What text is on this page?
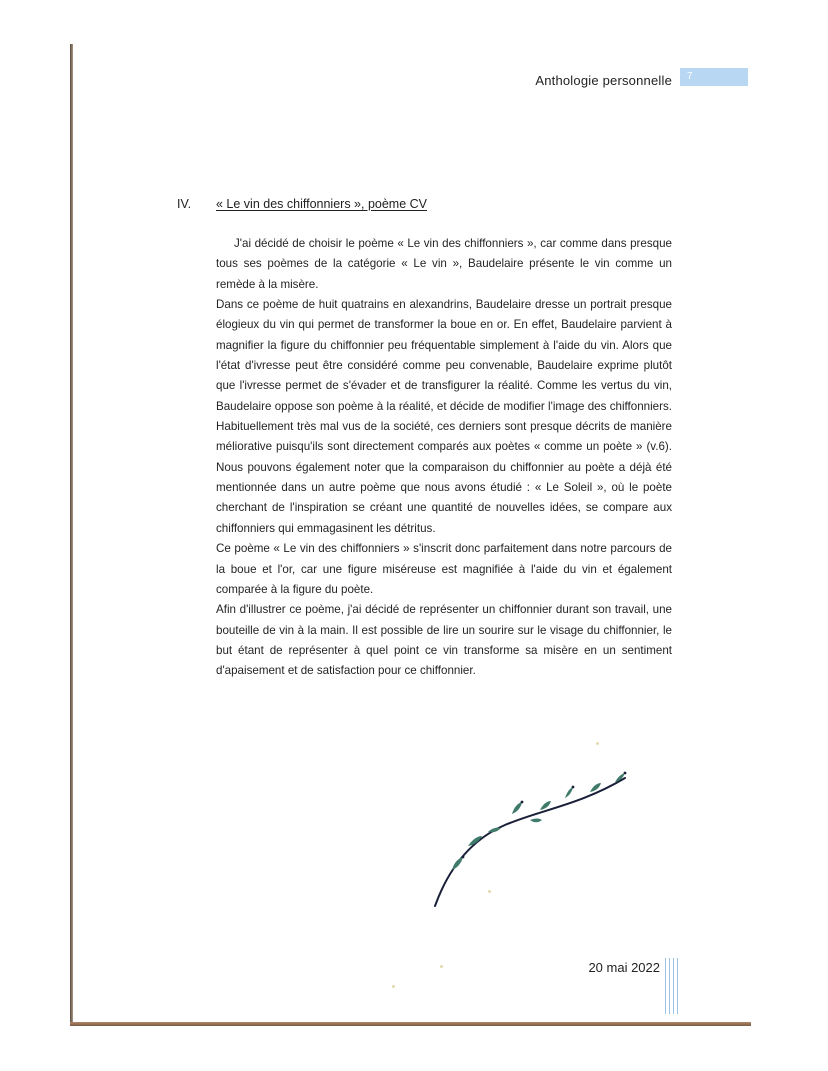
Anthologie personnelle	7
IV. « Le vin des chiffonniers », poème CV

J'ai décidé de choisir le poème « Le vin des chiffonniers », car comme dans presque tous ses poèmes de la catégorie « Le vin », Baudelaire présente le vin comme un remède à la misère.

Dans ce poème de huit quatrains en alexandrins, Baudelaire dresse un portrait presque élogieux du vin qui permet de transformer la boue en or. En effet, Baudelaire parvient à magnifier la figure du chiffonnier peu fréquentable simplement à l'aide du vin. Alors que l'état d'ivresse peut être considéré comme peu convenable, Baudelaire exprime plutôt que l'ivresse permet de s'évader et de transfigurer la réalité. Comme les vertus du vin, Baudelaire oppose son poème à la réalité, et décide de modifier l'image des chiffonniers. Habituellement très mal vus de la société, ces derniers sont presque décrits de manière méliorative puisqu'ils sont directement comparés aux poètes « comme un poète » (v.6). Nous pouvons également noter que la comparaison du chiffonnier au poète a déjà été mentionnée dans un autre poème que nous avons étudié : « Le Soleil », où le poète cherchant de l'inspiration se créant une quantité de nouvelles idées, se compare aux chiffonniers qui emmagasinent les détritus.

Ce poème « Le vin des chiffonniers » s'inscrit donc parfaitement dans notre parcours de la boue et l'or, car une figure miséreuse est magnifiée à l'aide du vin et également comparée à la figure du poète.

Afin d'illustrer ce poème, j'ai décidé de représenter un chiffonnier durant son travail, une bouteille de vin à la main. Il est possible de lire un sourire sur le visage du chiffonnier, le but étant de représenter à quel point ce vin transforme sa misère en un sentiment d'apaisement et de satisfaction pour ce chiffonnier.

20 mai 2022
